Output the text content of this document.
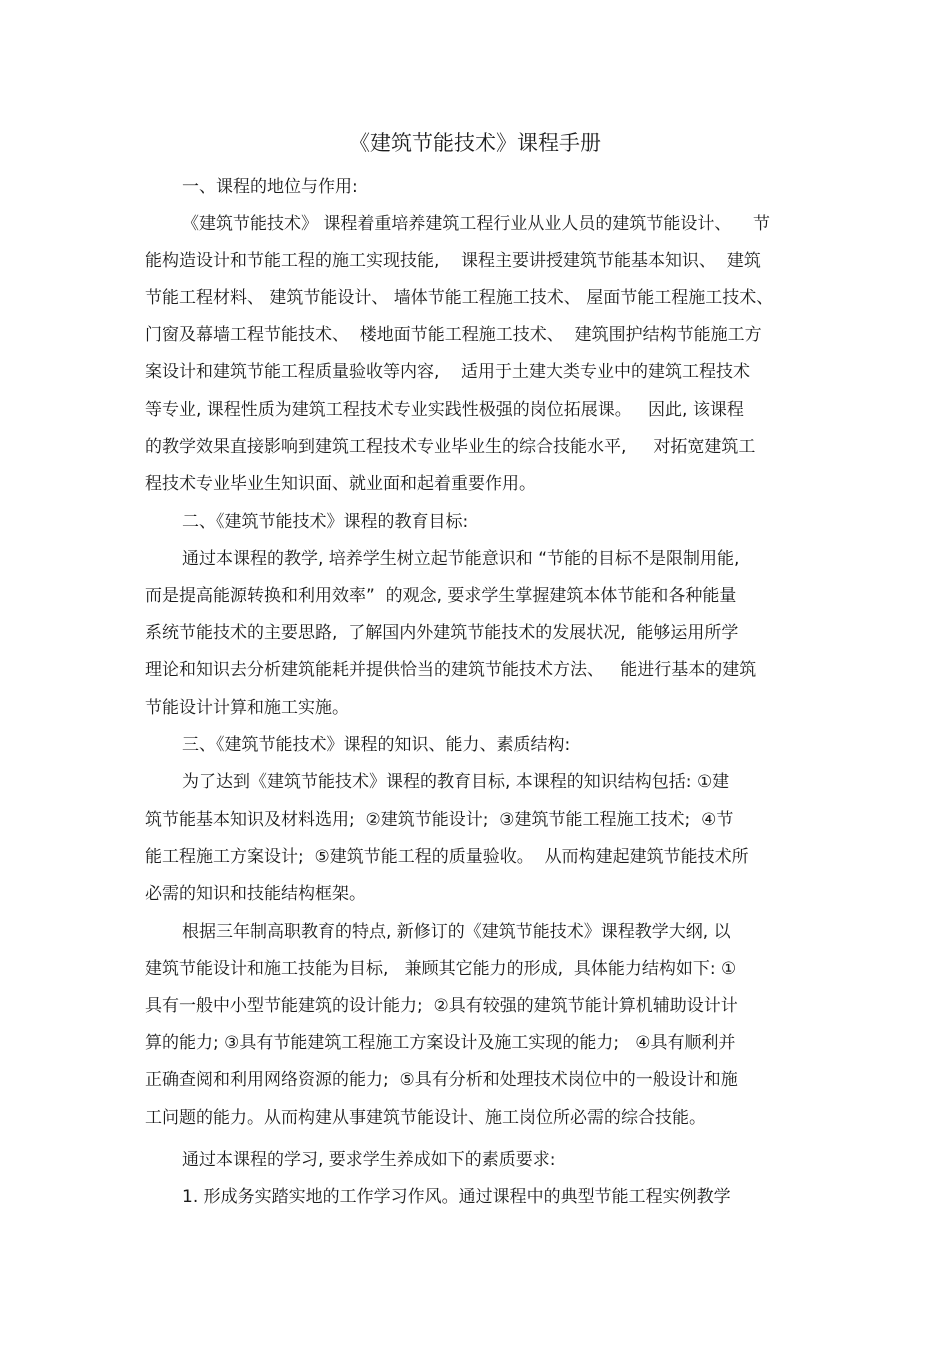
《建筑节能技术》课程手册
一、课程的地位与作用:
《建筑节能技术》 课程着重培养建筑工程行业从业人员的建筑节能设计、    节
能构造设计和节能工程的施工实现技能,    课程主要讲授建筑节能基本知识、  建筑
节能工程材料、 建筑节能设计、 墙体节能工程施工技术、 屋面节能工程施工技术、
门窗及幕墙工程节能技术、  楼地面节能工程施工技术、  建筑围护结构节能施工方
案设计和建筑节能工程质量验收等内容,    适用于土建大类专业中的建筑工程技术
等专业, 课程性质为建筑工程技术专业实践性极强的岗位拓展课。   因此, 该课程
的教学效果直接影响到建筑工程技术专业毕业生的综合技能水平,     对拓宽建筑工
程技术专业毕业生知识面、就业面和起着重要作用。
二、《建筑节能技术》课程的教育目标:
通过本课程的教学, 培养学生树立起节能意识和 “节能的目标不是限制用能,
而是提高能源转换和利用效率”  的观念, 要求学生掌握建筑本体节能和各种能量
系统节能技术的主要思路,  了解国内外建筑节能技术的发展状况,  能够运用所学
理论和知识去分析建筑能耗并提供恰当的建筑节能技术方法、   能进行基本的建筑
节能设计计算和施工实施。
三、《建筑节能技术》课程的知识、能力、素质结构:
为了达到《建筑节能技术》课程的教育目标, 本课程的知识结构包括: ①建
筑节能基本知识及材料选用;  ②建筑节能设计;  ③建筑节能工程施工技术;  ④节
能工程施工方案设计;  ⑤建筑节能工程的质量验收。  从而构建起建筑节能技术所
必需的知识和技能结构框架。
根据三年制高职教育的特点, 新修订的《建筑节能技术》课程教学大纲, 以
建筑节能设计和施工技能为目标,   兼顾其它能力的形成,  具体能力结构如下: ①
具有一般中小型节能建筑的设计能力;  ②具有较强的建筑节能计算机辅助设计计
算的能力; ③具有节能建筑工程施工方案设计及施工实现的能力;   ④具有顺利并
正确查阅和利用网络资源的能力;  ⑤具有分析和处理技术岗位中的一般设计和施
工问题的能力。从而构建从事建筑节能设计、施工岗位所必需的综合技能。
通过本课程的学习, 要求学生养成如下的素质要求:
1. 形成务实踏实地的工作学习作风。通过课程中的典型节能工程实例教学
